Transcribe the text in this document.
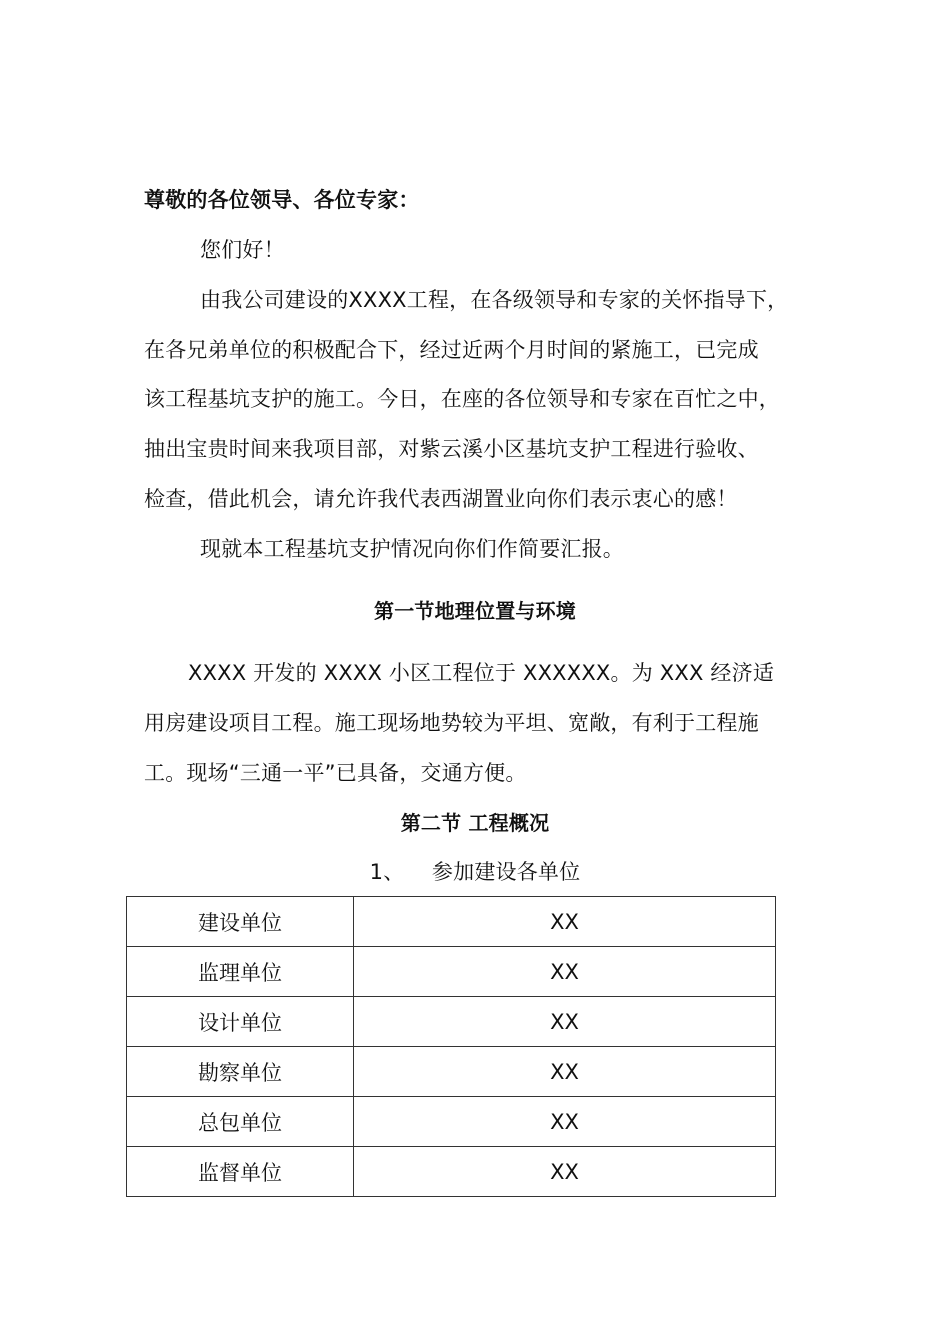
尊敬的各位领导、各位专家：
您们好！
由我公司建设的XXXX工程，在各级领导和专家的关怀指导下，
在各兄弟单位的积极配合下，经过近两个月时间的紧施工，已完成
该工程基坑支护的施工。今日，在座的各位领导和专家在百忙之中，
抽出宝贵时间来我项目部，对紫云溪小区基坑支护工程进行验收、
检查，借此机会，请允许我代表西湖置业向你们表示衷心的感！
现就本工程基坑支护情况向你们作简要汇报。
第一节地理位置与环境
XXXX 开发的 XXXX 小区工程位于 XXXXXX。为 XXX 经济适
用房建设项目工程。施工现场地势较为平坦、宽敞，有利于工程施
工。现场“三通一平”已具备，交通方便。
第二节 工程概况
1、    参加建设各单位
建设单位	XX
监理单位	XX
设计单位	XX
勘察单位	XX
总包单位	XX
监督单位	XX
